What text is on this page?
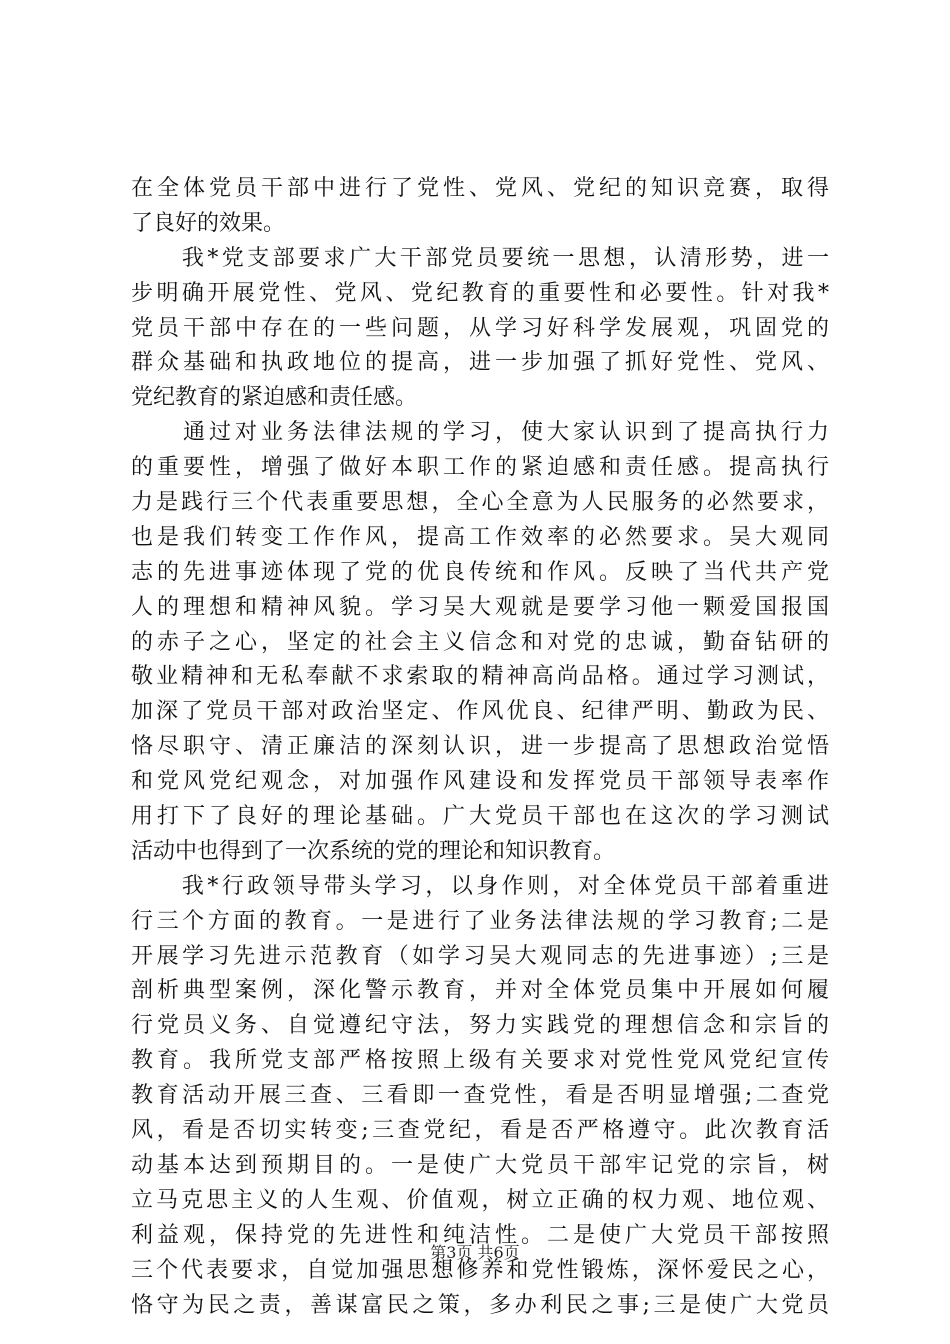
在全体党员干部中进行了党性、党风、党纪的知识竞赛，取得
了良好的效果。
　　我*党支部要求广大干部党员要统一思想，认清形势，进一
步明确开展党性、党风、党纪教育的重要性和必要性。针对我*
党员干部中存在的一些问题，从学习好科学发展观，巩固党的
群众基础和执政地位的提高，进一步加强了抓好党性、党风、
党纪教育的紧迫感和责任感。
　　通过对业务法律法规的学习，使大家认识到了提高执行力
的重要性，增强了做好本职工作的紧迫感和责任感。提高执行
力是践行三个代表重要思想，全心全意为人民服务的必然要求，
也是我们转变工作作风，提高工作效率的必然要求。吴大观同
志的先进事迹体现了党的优良传统和作风。反映了当代共产党
人的理想和精神风貌。学习吴大观就是要学习他一颗爱国报国
的赤子之心，坚定的社会主义信念和对党的忠诚，勤奋钻研的
敬业精神和无私奉献不求索取的精神高尚品格。通过学习测试，
加深了党员干部对政治坚定、作风优良、纪律严明、勤政为民、
恪尽职守、清正廉洁的深刻认识，进一步提高了思想政治觉悟
和党风党纪观念，对加强作风建设和发挥党员干部领导表率作
用打下了良好的理论基础。广大党员干部也在这次的学习测试
活动中也得到了一次系统的党的理论和知识教育。
　　我*行政领导带头学习，以身作则，对全体党员干部着重进
行三个方面的教育。一是进行了业务法律法规的学习教育;二是
开展学习先进示范教育（如学习吴大观同志的先进事迹）;三是
剖析典型案例，深化警示教育，并对全体党员集中开展如何履
行党员义务、自觉遵纪守法，努力实践党的理想信念和宗旨的
教育。我所党支部严格按照上级有关要求对党性党风党纪宣传
教育活动开展三查、三看即一查党性，看是否明显增强;二查党
风，看是否切实转变;三查党纪，看是否严格遵守。此次教育活
动基本达到预期目的。一是使广大党员干部牢记党的宗旨，树
立马克思主义的人生观、价值观，树立正确的权力观、地位观、
利益观，保持党的先进性和纯洁性。二是使广大党员干部按照
三个代表要求，自觉加强思想修养和党性锻炼，深怀爱民之心，
恪守为民之责，善谋富民之策，多办利民之事;三是使广大党员
第3页 共6页
